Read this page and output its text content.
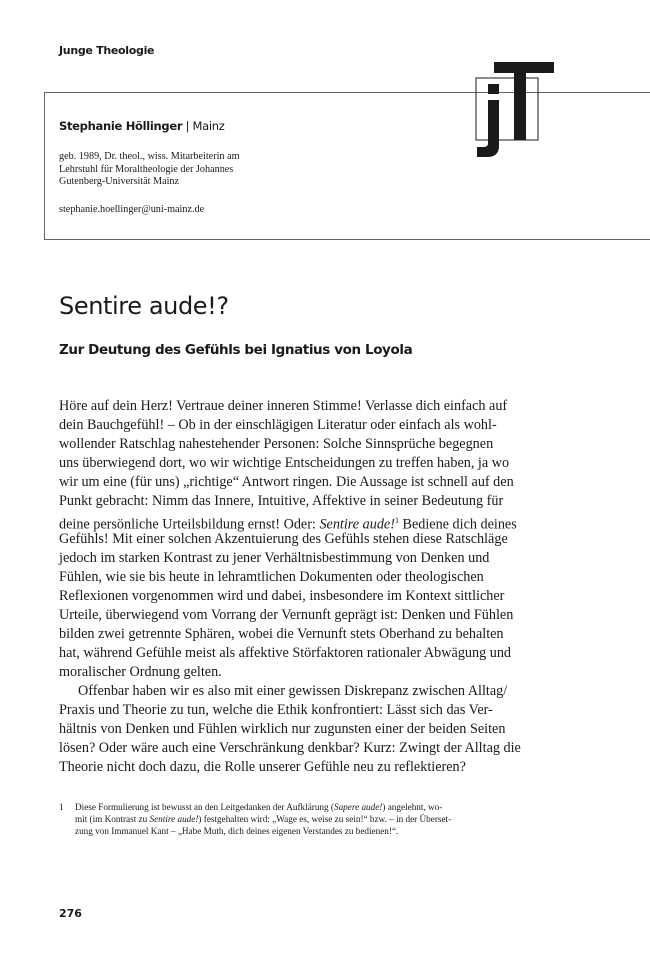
Junge Theologie
Stephanie Höllinger | Mainz
geb. 1989, Dr. theol., wiss. Mitarbeiterin am
Lehrstuhl für Moraltheologie der Johannes
Gutenberg-Universität Mainz
stephanie.hoellinger@uni-mainz.de
Sentire aude!?
Zur Deutung des Gefühls bei Ignatius von Loyola
Höre auf dein Herz! Vertraue deiner inneren Stimme! Verlasse dich einfach auf
dein Bauchgefühl! – Ob in der einschlägigen Literatur oder einfach als wohl-
wollender Ratschlag nahestehender Personen: Solche Sinnsprüche begegnen
uns überwiegend dort, wo wir wichtige Entscheidungen zu treffen haben, ja wo
wir um eine (für uns) „richtige“ Antwort ringen. Die Aussage ist schnell auf den
Punkt gebracht: Nimm das Innere, Intuitive, Affektive in seiner Bedeutung für
deine persönliche Urteilsbildung ernst! Oder: Sentire aude!$^1$ Bediene dich deines
Gefühls! Mit einer solchen Akzentuierung des Gefühls stehen diese Ratschläge
jedoch im starken Kontrast zu jener Verhältnisbestimmung von Denken und
Fühlen, wie sie bis heute in lehramtlichen Dokumenten oder theologischen
Reflexionen vorgenommen wird und dabei, insbesondere im Kontext sittlicher
Urteile, überwiegend vom Vorrang der Vernunft geprägt ist: Denken und Fühlen
bilden zwei getrennte Sphären, wobei die Vernunft stets Oberhand zu behalten
hat, während Gefühle meist als affektive Störfaktoren rationaler Abwägung und
moralischer Ordnung gelten.
Offenbar haben wir es also mit einer gewissen Diskrepanz zwischen Alltag/
Praxis und Theorie zu tun, welche die Ethik konfrontiert: Lässt sich das Ver-
hältnis von Denken und Fühlen wirklich nur zugunsten einer der beiden Seiten
lösen? Oder wäre auch eine Verschränkung denkbar? Kurz: Zwingt der Alltag die
Theorie nicht doch dazu, die Rolle unserer Gefühle neu zu reflektieren?
1	Diese Formulierung ist bewusst an den Leitgedanken der Aufklärung (Sapere aude!) angelehnt, wo-
mit (im Kontrast zu Sentire aude!) festgehalten wird: „Wage es, weise zu sein!“ bzw. – in der Überset-
zung von Immanuel Kant – „Habe Muth, dich deines eigenen Verstandes zu bedienen!“.
276
